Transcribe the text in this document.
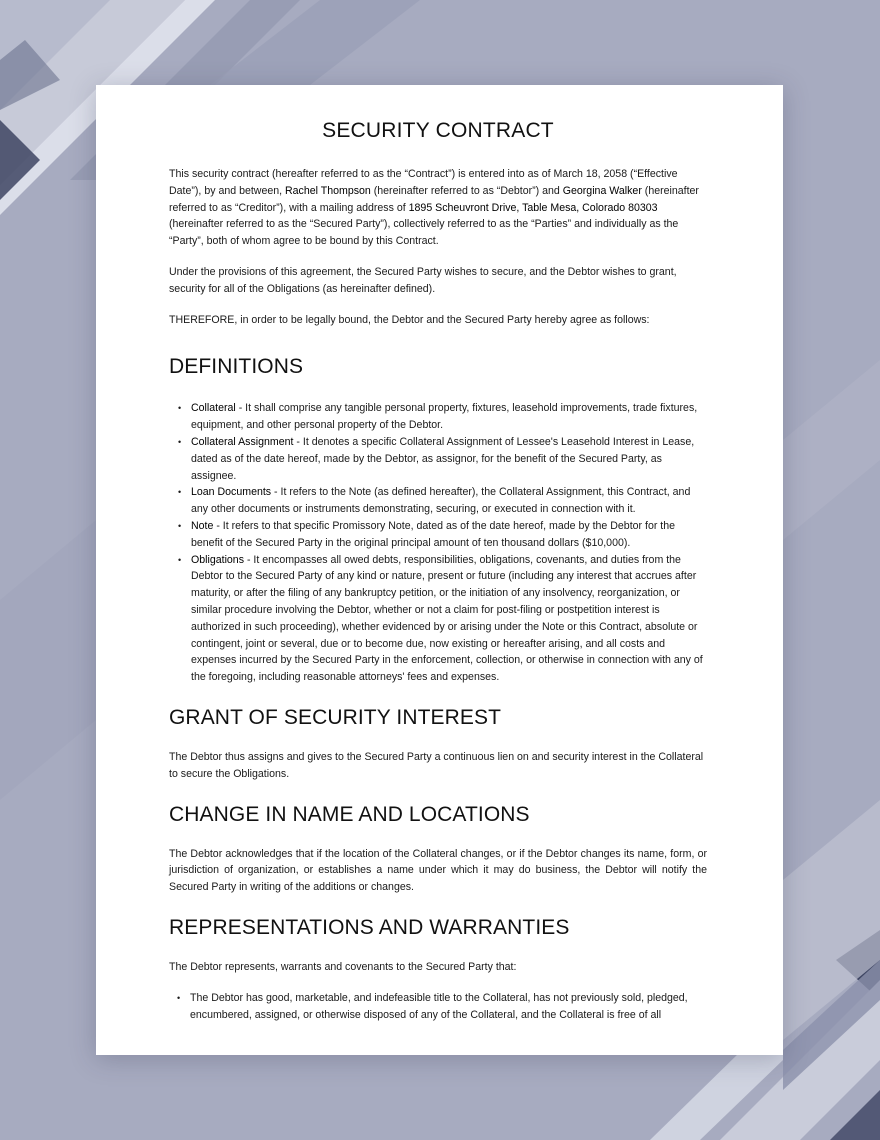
SECURITY CONTRACT

This security contract (hereafter referred to as the “Contract”) is entered into as of March 18, 2058 (“Effective Date”), by and between, Rachel Thompson (hereinafter referred to as “Debtor”) and Georgina Walker (hereinafter referred to as “Creditor”), with a mailing address of 1895 Scheuvront Drive, Table Mesa, Colorado 80303 (hereinafter referred to as the “Secured Party”), collectively referred to as the “Parties” and individually as the “Party”, both of whom agree to be bound by this Contract.

Under the provisions of this agreement, the Secured Party wishes to secure, and the Debtor wishes to grant, security for all of the Obligations (as hereinafter defined).

THEREFORE, in order to be legally bound, the Debtor and the Secured Party hereby agree as follows:

DEFINITIONS
• Collateral - It shall comprise any tangible personal property, fixtures, leasehold improvements, trade fixtures, equipment, and other personal property of the Debtor.
• Collateral Assignment - It denotes a specific Collateral Assignment of Lessee's Leasehold Interest in Lease, dated as of the date hereof, made by the Debtor, as assignor, for the benefit of the Secured Party, as assignee.
• Loan Documents - It refers to the Note (as defined hereafter), the Collateral Assignment, this Contract, and any other documents or instruments demonstrating, securing, or executed in connection with it.
• Note - It refers to that specific Promissory Note, dated as of the date hereof, made by the Debtor for the benefit of the Secured Party in the original principal amount of ten thousand dollars ($10,000).
• Obligations - It encompasses all owed debts, responsibilities, obligations, covenants, and duties from the Debtor to the Secured Party of any kind or nature, present or future (including any interest that accrues after maturity, or after the filing of any bankruptcy petition, or the initiation of any insolvency, reorganization, or similar procedure involving the Debtor, whether or not a claim for post-filing or postpetition interest is authorized in such proceeding), whether evidenced by or arising under the Note or this Contract, absolute or contingent, joint or several, due or to become due, now existing or hereafter arising, and all costs and expenses incurred by the Secured Party in the enforcement, collection, or otherwise in connection with any of the foregoing, including reasonable attorneys' fees and expenses.
GRANT OF SECURITY INTEREST

The Debtor thus assigns and gives to the Secured Party a continuous lien on and security interest in the Collateral to secure the Obligations.

CHANGE IN NAME AND LOCATIONS

The Debtor acknowledges that if the location of the Collateral changes, or if the Debtor changes its name, form, or jurisdiction of organization, or establishes a name under which it may do business, the Debtor will notify the Secured Party in writing of the additions or changes.

REPRESENTATIONS AND WARRANTIES

The Debtor represents, warrants and covenants to the Secured Party that:

• The Debtor has good, marketable, and indefeasible title to the Collateral, has not previously sold, pledged, encumbered, assigned, or otherwise disposed of any of the Collateral, and the Collateral is free of all
